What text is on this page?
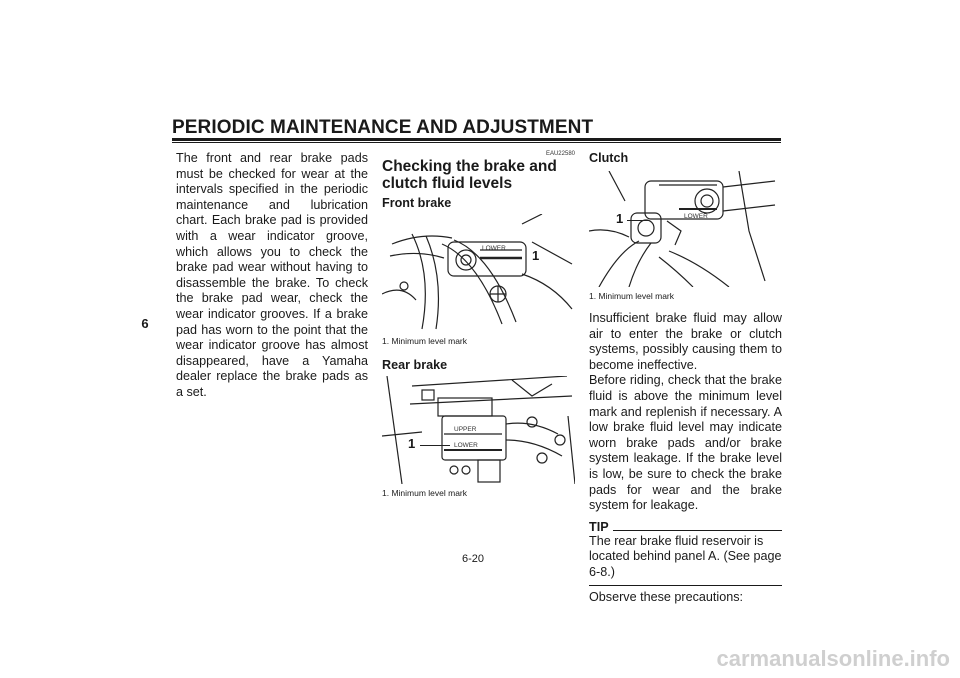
PERIODIC MAINTENANCE AND ADJUSTMENT
6

The front and rear brake pads must be checked for wear at the intervals specified in the periodic maintenance and lubrication chart. Each brake pad is provided with a wear indicator groove, which allows you to check the brake pad wear without having to disassemble the brake. To check the brake pad wear, check the wear indicator grooves. If a brake pad has worn to the point that the wear indicator groove has almost disappeared, have a Yamaha dealer replace the brake pads as a set.

EAU22580

Checking the brake and clutch fluid levels

Front brake

LOWER 1

1. Minimum level mark

Rear brake

UPPER
LOWER
1

1. Minimum level mark

Clutch

LOWER
1

1. Minimum level mark

Insufficient brake fluid may allow air to enter the brake or clutch systems, possibly causing them to become ineffective.

Before riding, check that the brake fluid is above the minimum level mark and replenish if necessary. A low brake fluid level may indicate worn brake pads and/or brake system leakage. If the brake level is low, be sure to check the brake pads for wear and the brake system for leakage.

TIP

The rear brake fluid reservoir is located behind panel A. (See page 6-8.)

Observe these precautions:

6-20
carmanualsonline.info
